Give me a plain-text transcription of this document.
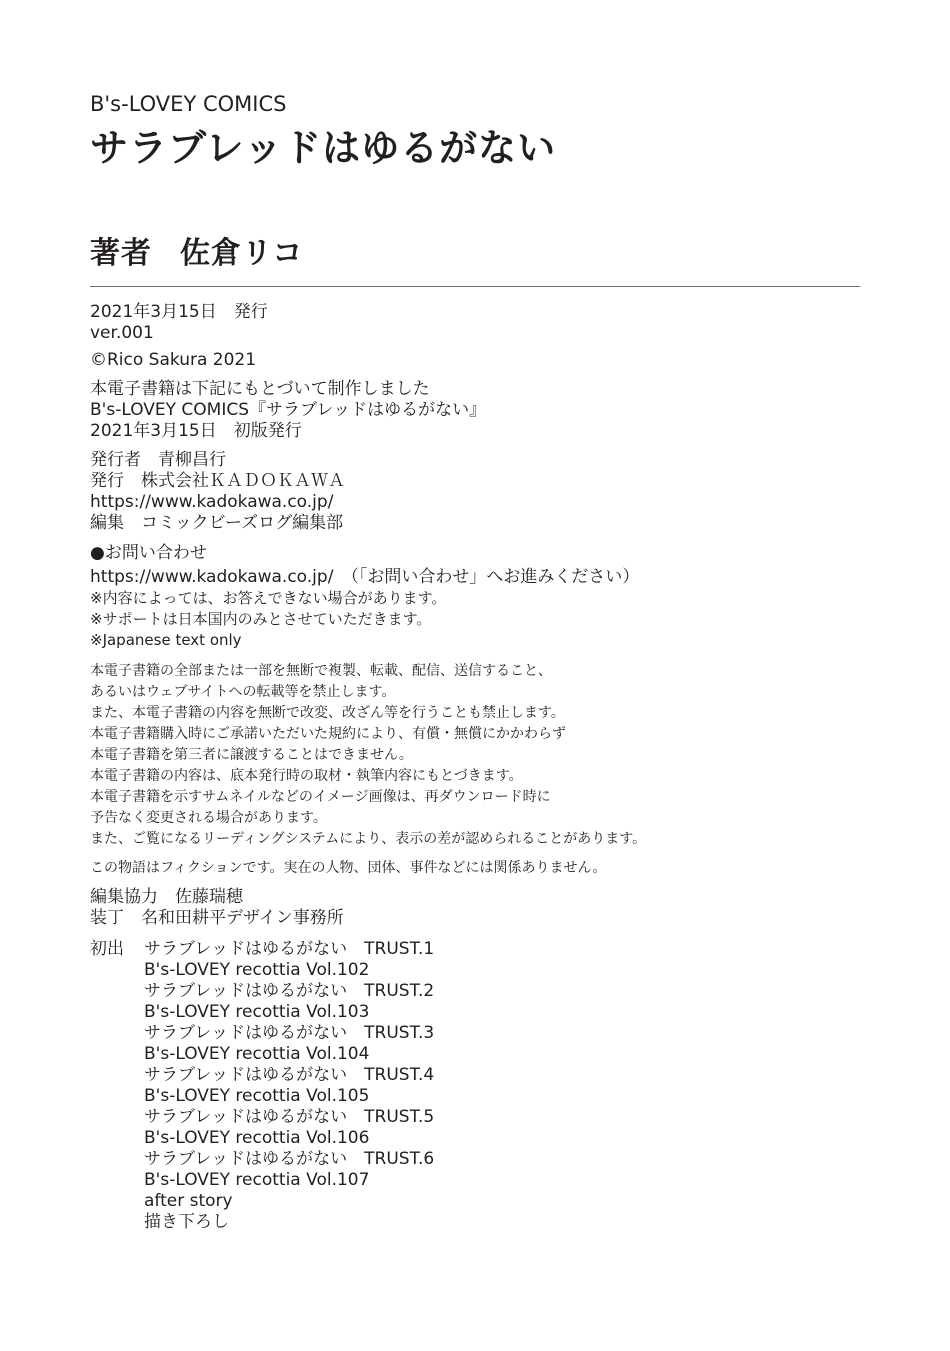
B's-LOVEY COMICS
サラブレッドはゆるがない
著者 佐倉リコ
2021年3月15日　発行
ver.001
©Rico Sakura 2021
本電子書籍は下記にもとづいて制作しました
B's-LOVEY COMICS『サラブレッドはゆるがない』
2021年3月15日　初版発行
発行者　青柳昌行
発行　株式会社ＫＡＤＯＫＡＷＡ
https://www.kadokawa.co.jp/
編集　コミックビーズログ編集部
●お問い合わせ
https://www.kadokawa.co.jp/　（「お問い合わせ」へお進みください）
※内容によっては、お答えできない場合があります。
※サポートは日本国内のみとさせていただきます。
※Japanese text only
本電子書籍の全部または一部を無断で複製、転載、配信、送信すること、
あるいはウェブサイトへの転載等を禁止します。
また、本電子書籍の内容を無断で改変、改ざん等を行うことも禁止します。
本電子書籍購入時にご承諾いただいた規約により、有償・無償にかかわらず
本電子書籍を第三者に譲渡することはできません。
本電子書籍の内容は、底本発行時の取材・執筆内容にもとづきます。
本電子書籍を示すサムネイルなどのイメージ画像は、再ダウンロード時に
予告なく変更される場合があります。
また、ご覧になるリーディングシステムにより、表示の差が認められることがあります。
この物語はフィクションです。実在の人物、団体、事件などには関係ありません。
編集協力　佐藤瑞穂
装丁　名和田耕平デザイン事務所
初出	サラブレッドはゆるがない　TRUST.1
B's-LOVEY recottia Vol.102
サラブレッドはゆるがない　TRUST.2
B's-LOVEY recottia Vol.103
サラブレッドはゆるがない　TRUST.3
B's-LOVEY recottia Vol.104
サラブレッドはゆるがない　TRUST.4
B's-LOVEY recottia Vol.105
サラブレッドはゆるがない　TRUST.5
B's-LOVEY recottia Vol.106
サラブレッドはゆるがない　TRUST.6
B's-LOVEY recottia Vol.107
after story
描き下ろし
